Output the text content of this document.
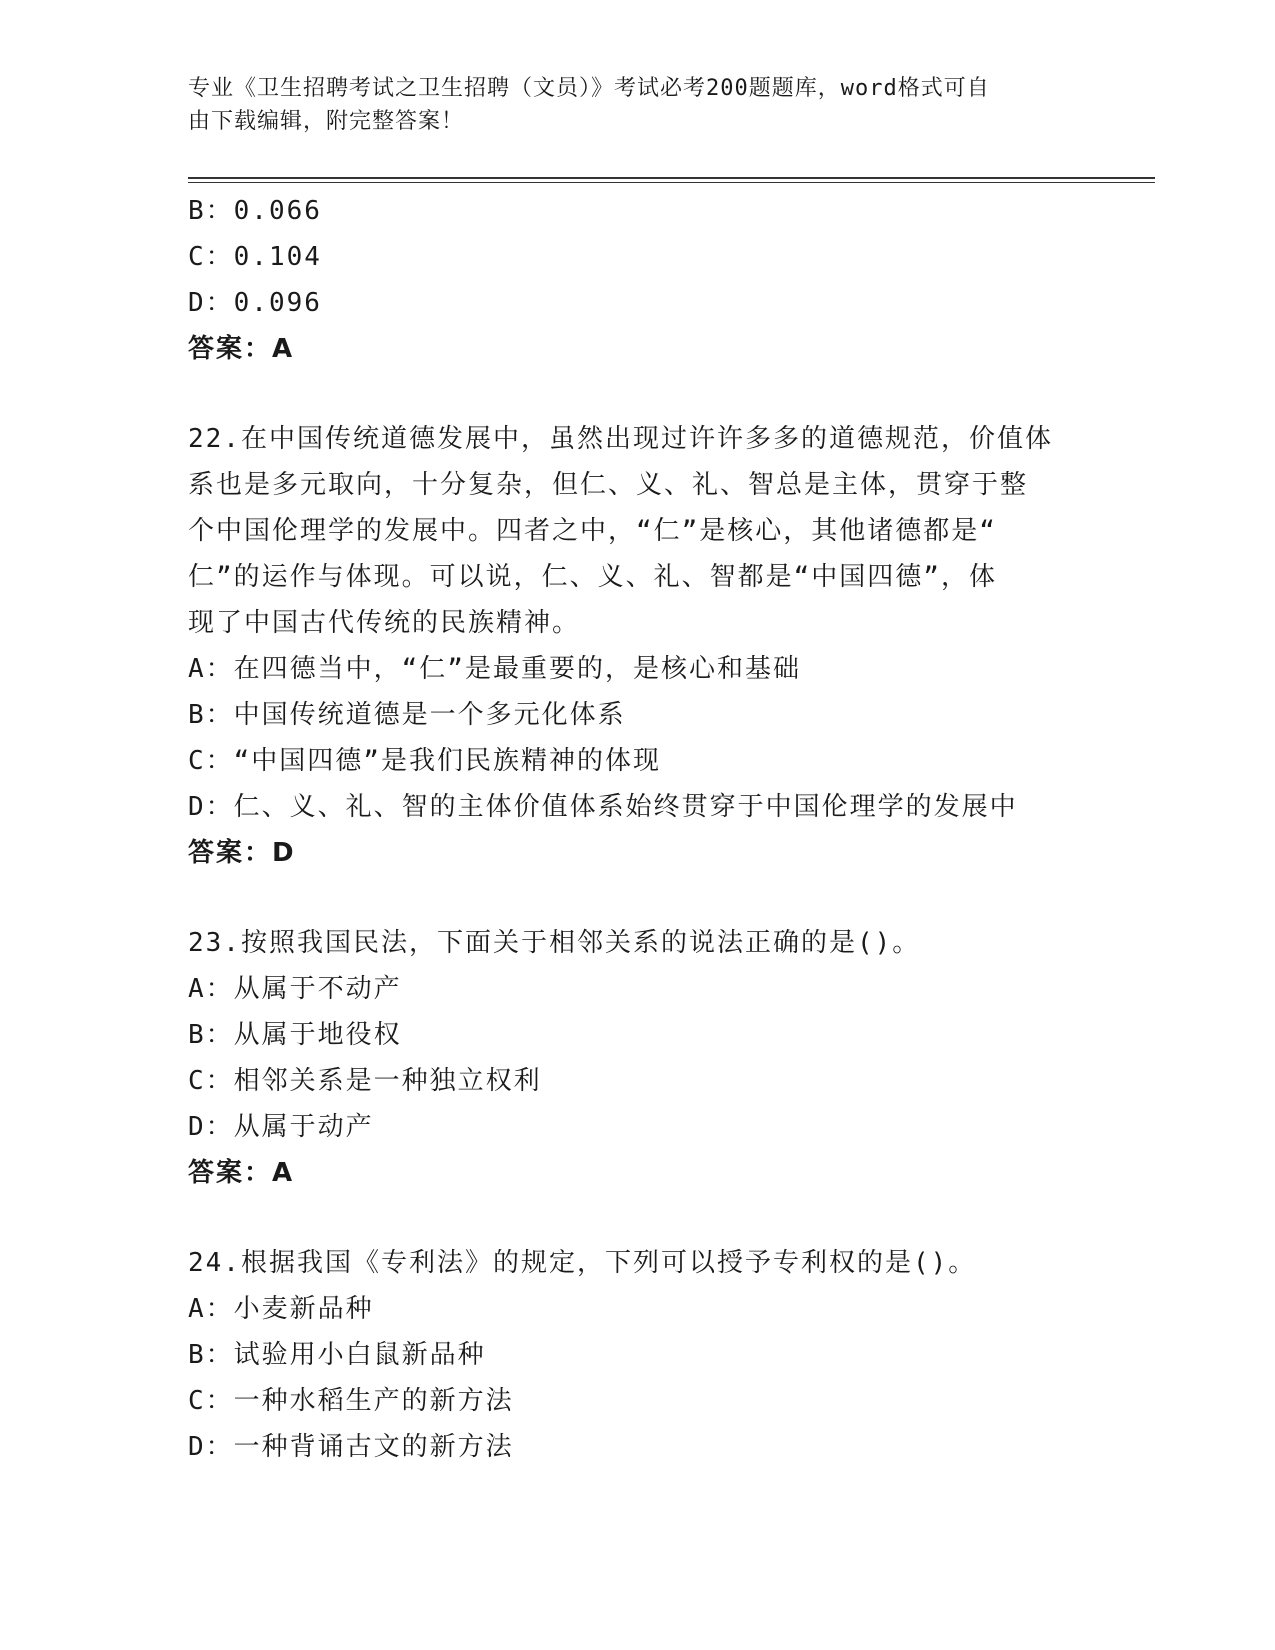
专业《卫生招聘考试之卫生招聘（文员）》考试必考200题题库，word格式可自
由下载编辑，附完整答案！
B：0.066
C：0.104
D：0.096
答案：A
22.在中国传统道德发展中，虽然出现过许许多多的道德规范，价值体
系也是多元取向，十分复杂，但仁、义、礼、智总是主体，贯穿于整
个中国伦理学的发展中。四者之中，“仁”是核心，其他诸德都是“
仁”的运作与体现。可以说，仁、义、礼、智都是“中国四德”，体
现了中国古代传统的民族精神。
A：在四德当中，“仁”是最重要的，是核心和基础
B：中国传统道德是一个多元化体系
C：“中国四德”是我们民族精神的体现
D：仁、义、礼、智的主体价值体系始终贯穿于中国伦理学的发展中
答案：D
23.按照我国民法，下面关于相邻关系的说法正确的是()。
A：从属于不动产
B：从属于地役权
C：相邻关系是一种独立权利
D：从属于动产
答案：A
24.根据我国《专利法》的规定，下列可以授予专利权的是()。
A：小麦新品种
B：试验用小白鼠新品种
C：一种水稻生产的新方法
D：一种背诵古文的新方法
